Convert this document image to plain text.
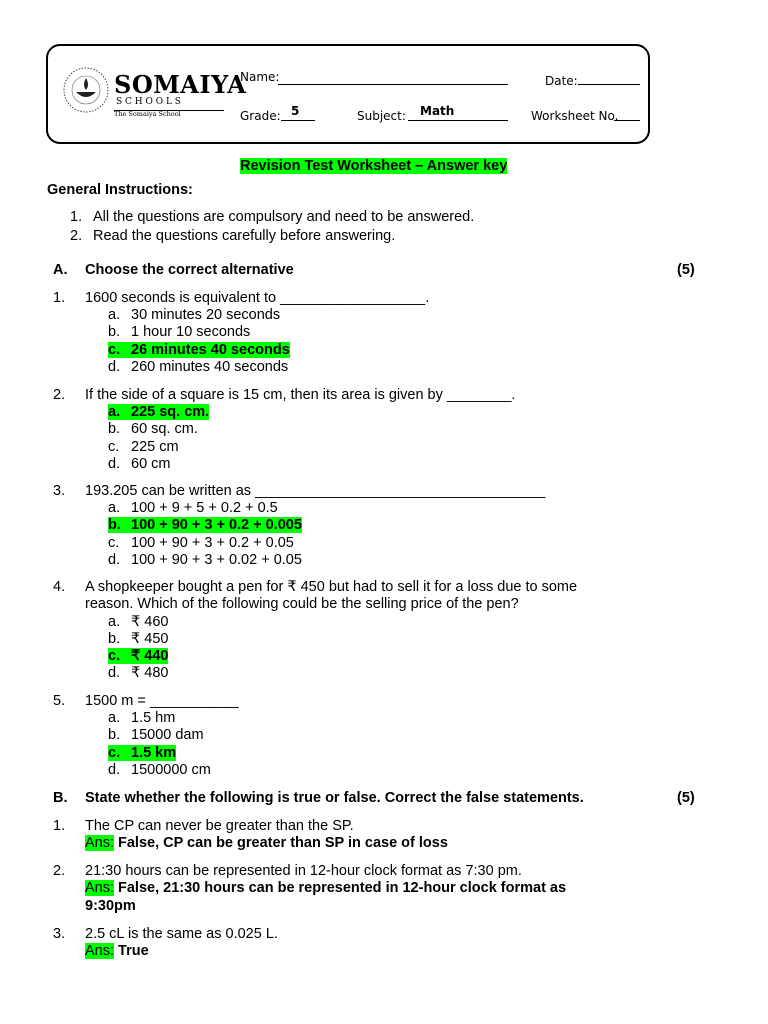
SOMAIYA
S C H O O L S
The Somaiya School
Name:	Date:
Grade: 5	Subject: Math	Worksheet No.
Revision Test Worksheet – Answer key
General Instructions:
1. All the questions are compulsory and need to be answered.
2. Read the questions carefully before answering.
A. Choose the correct alternative	(5)
1. 1600 seconds is equivalent to __________________.
a. 30 minutes 20 seconds
b. 1 hour 10 seconds
c. 26 minutes 40 seconds
d. 260 minutes 40 seconds
2. If the side of a square is 15 cm, then its area is given by ________.
a. 225 sq. cm.
b. 60 sq. cm.
c. 225 cm
d. 60 cm
3. 193.205 can be written as ____________________________________
a. 100 + 9 + 5 + 0.2 + 0.5
b. 100 + 90 + 3 + 0.2 + 0.005
c. 100 + 90 + 3 + 0.2 + 0.05
d. 100 + 90 + 3 + 0.02 + 0.05
4. A shopkeeper bought a pen for ₹ 450 but had to sell it for a loss due to some
reason. Which of the following could be the selling price of the pen?
a. ₹ 460
b. ₹ 450
c. ₹ 440
d. ₹ 480
5. 1500 m = ___________
a. 1.5 hm
b. 15000 dam
c. 1.5 km
d. 1500000 cm
B. State whether the following is true or false. Correct the false statements.	(5)
1. The CP can never be greater than the SP.
Ans: False, CP can be greater than SP in case of loss
2. 21:30 hours can be represented in 12-hour clock format as 7:30 pm.
Ans: False, 21:30 hours can be represented in 12-hour clock format as
9:30pm
3. 2.5 cL is the same as 0.025 L.
Ans: True
